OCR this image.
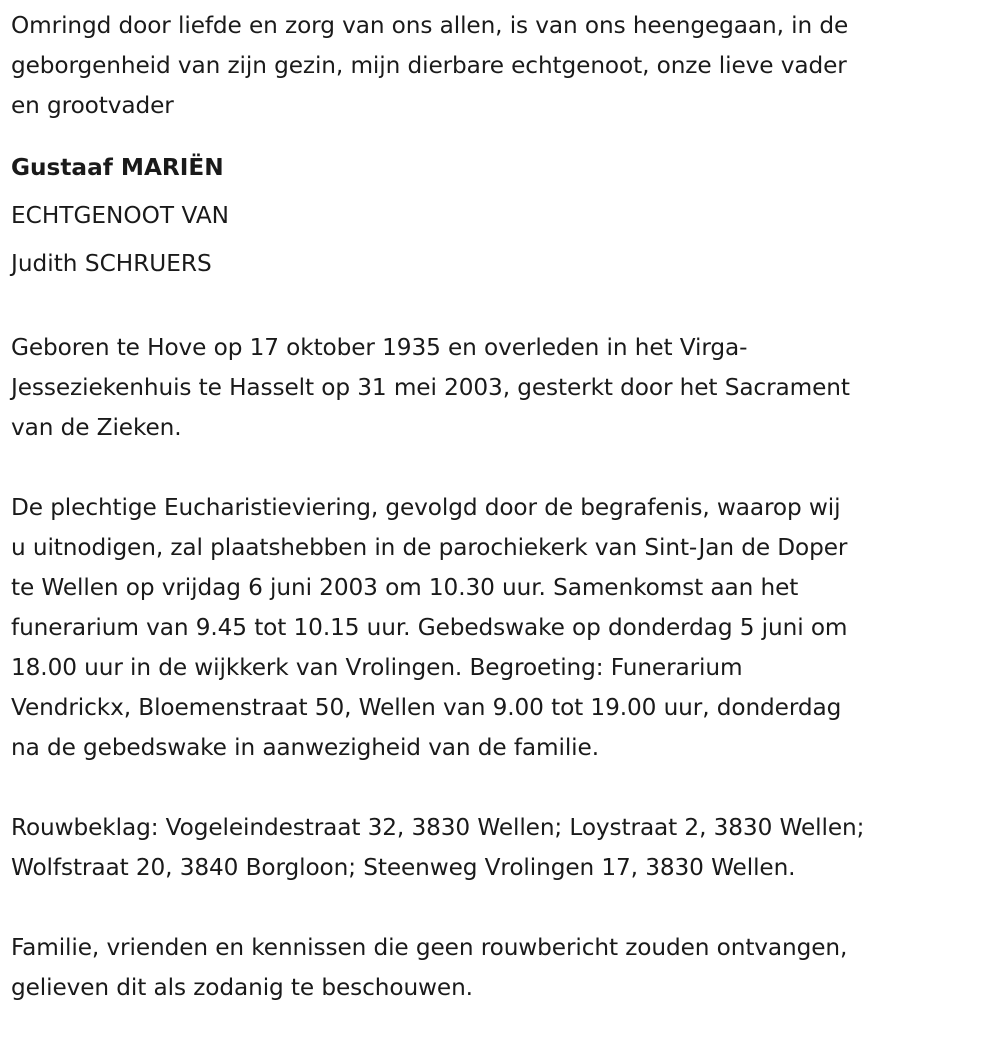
Omringd door liefde en zorg van ons allen, is van ons heengegaan, in de
geborgenheid van zijn gezin, mijn dierbare echtgenoot, onze lieve vader
en grootvader

Gustaaf MARIËN

ECHTGENOOT VAN

Judith SCHRUERS

Geboren te Hove op 17 oktober 1935 en overleden in het Virga-
Jesseziekenhuis te Hasselt op 31 mei 2003, gesterkt door het Sacrament
van de Zieken.

De plechtige Eucharistieviering, gevolgd door de begrafenis, waarop wij
u uitnodigen, zal plaatshebben in de parochiekerk van Sint-Jan de Doper
te Wellen op vrijdag 6 juni 2003 om 10.30 uur. Samenkomst aan het
funerarium van 9.45 tot 10.15 uur. Gebedswake op donderdag 5 juni om
18.00 uur in de wijkkerk van Vrolingen. Begroeting: Funerarium
Vendrickx, Bloemenstraat 50, Wellen van 9.00 tot 19.00 uur, donderdag
na de gebedswake in aanwezigheid van de familie.

Rouwbeklag: Vogeleindestraat 32, 3830 Wellen; Loystraat 2, 3830 Wellen;
Wolfstraat 20, 3840 Borgloon; Steenweg Vrolingen 17, 3830 Wellen.

Familie, vrienden en kennissen die geen rouwbericht zouden ontvangen,
gelieven dit als zodanig te beschouwen.
